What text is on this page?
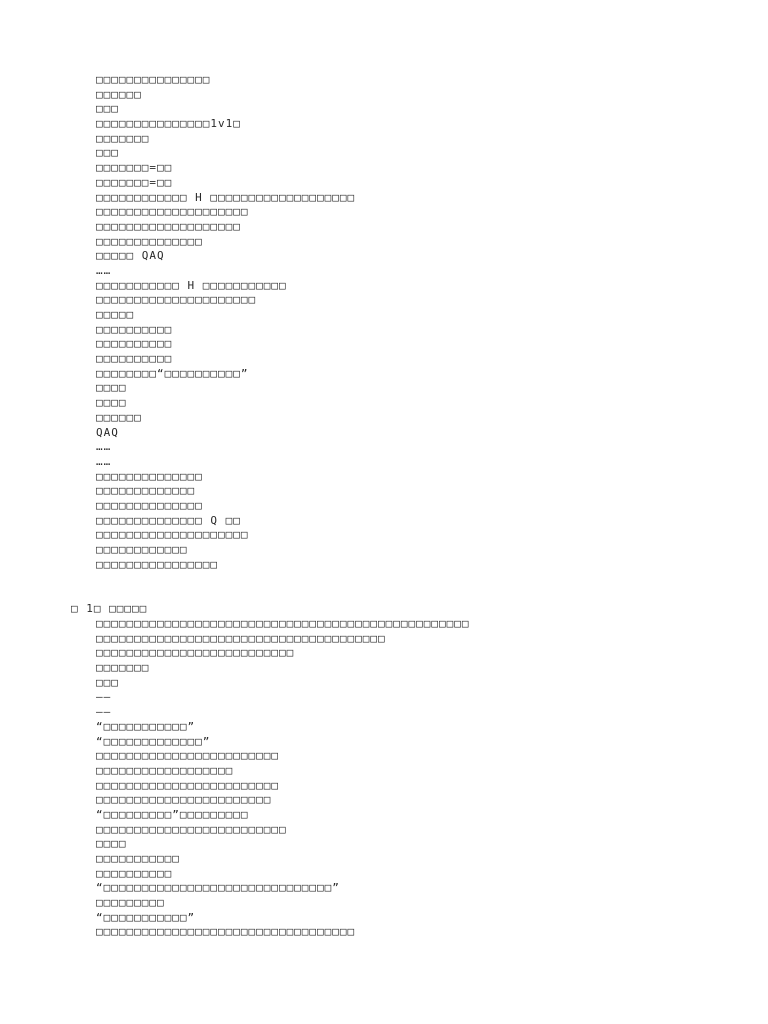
□□□□□□□□□□□□□□□
□□□□□□
□□□
□□□□□□□□□□□□□□□1v1□
□□□□□□□
□□□
□□□□□□□=□□
□□□□□□□=□□
□□□□□□□□□□□□ H □□□□□□□□□□□□□□□□□□□
□□□□□□□□□□□□□□□□□□□□
□□□□□□□□□□□□□□□□□□□
□□□□□□□□□□□□□□
□□□□□ QAQ
……
□□□□□□□□□□□ H □□□□□□□□□□□
□□□□□□□□□□□□□□□□□□□□□
□□□□□
□□□□□□□□□□
□□□□□□□□□□
□□□□□□□□□□
□□□□□□□□“□□□□□□□□□□”
□□□□
□□□□
□□□□□□
QAQ
……
……
□□□□□□□□□□□□□□
□□□□□□□□□□□□□
□□□□□□□□□□□□□□
□□□□□□□□□□□□□□ Q □□
□□□□□□□□□□□□□□□□□□□□
□□□□□□□□□□□□
□□□□□□□□□□□□□□□□
□ 1□ □□□□□
□□□□□□□□□□□□□□□□□□□□□□□□□□□□□□□□□□□□□□□□□□□□□□□□□
□□□□□□□□□□□□□□□□□□□□□□□□□□□□□□□□□□□□□□
□□□□□□□□□□□□□□□□□□□□□□□□□□
□□□□□□□
□□□
——
——
“□□□□□□□□□□□”
“□□□□□□□□□□□□□”
□□□□□□□□□□□□□□□□□□□□□□□□
□□□□□□□□□□□□□□□□□□
□□□□□□□□□□□□□□□□□□□□□□□□
□□□□□□□□□□□□□□□□□□□□□□□
“□□□□□□□□□”□□□□□□□□□
□□□□□□□□□□□□□□□□□□□□□□□□□
□□□□
□□□□□□□□□□□
□□□□□□□□□□
“□□□□□□□□□□□□□□□□□□□□□□□□□□□□□□”
□□□□□□□□□
“□□□□□□□□□□□”
□□□□□□□□□□□□□□□□□□□□□□□□□□□□□□□□□□
